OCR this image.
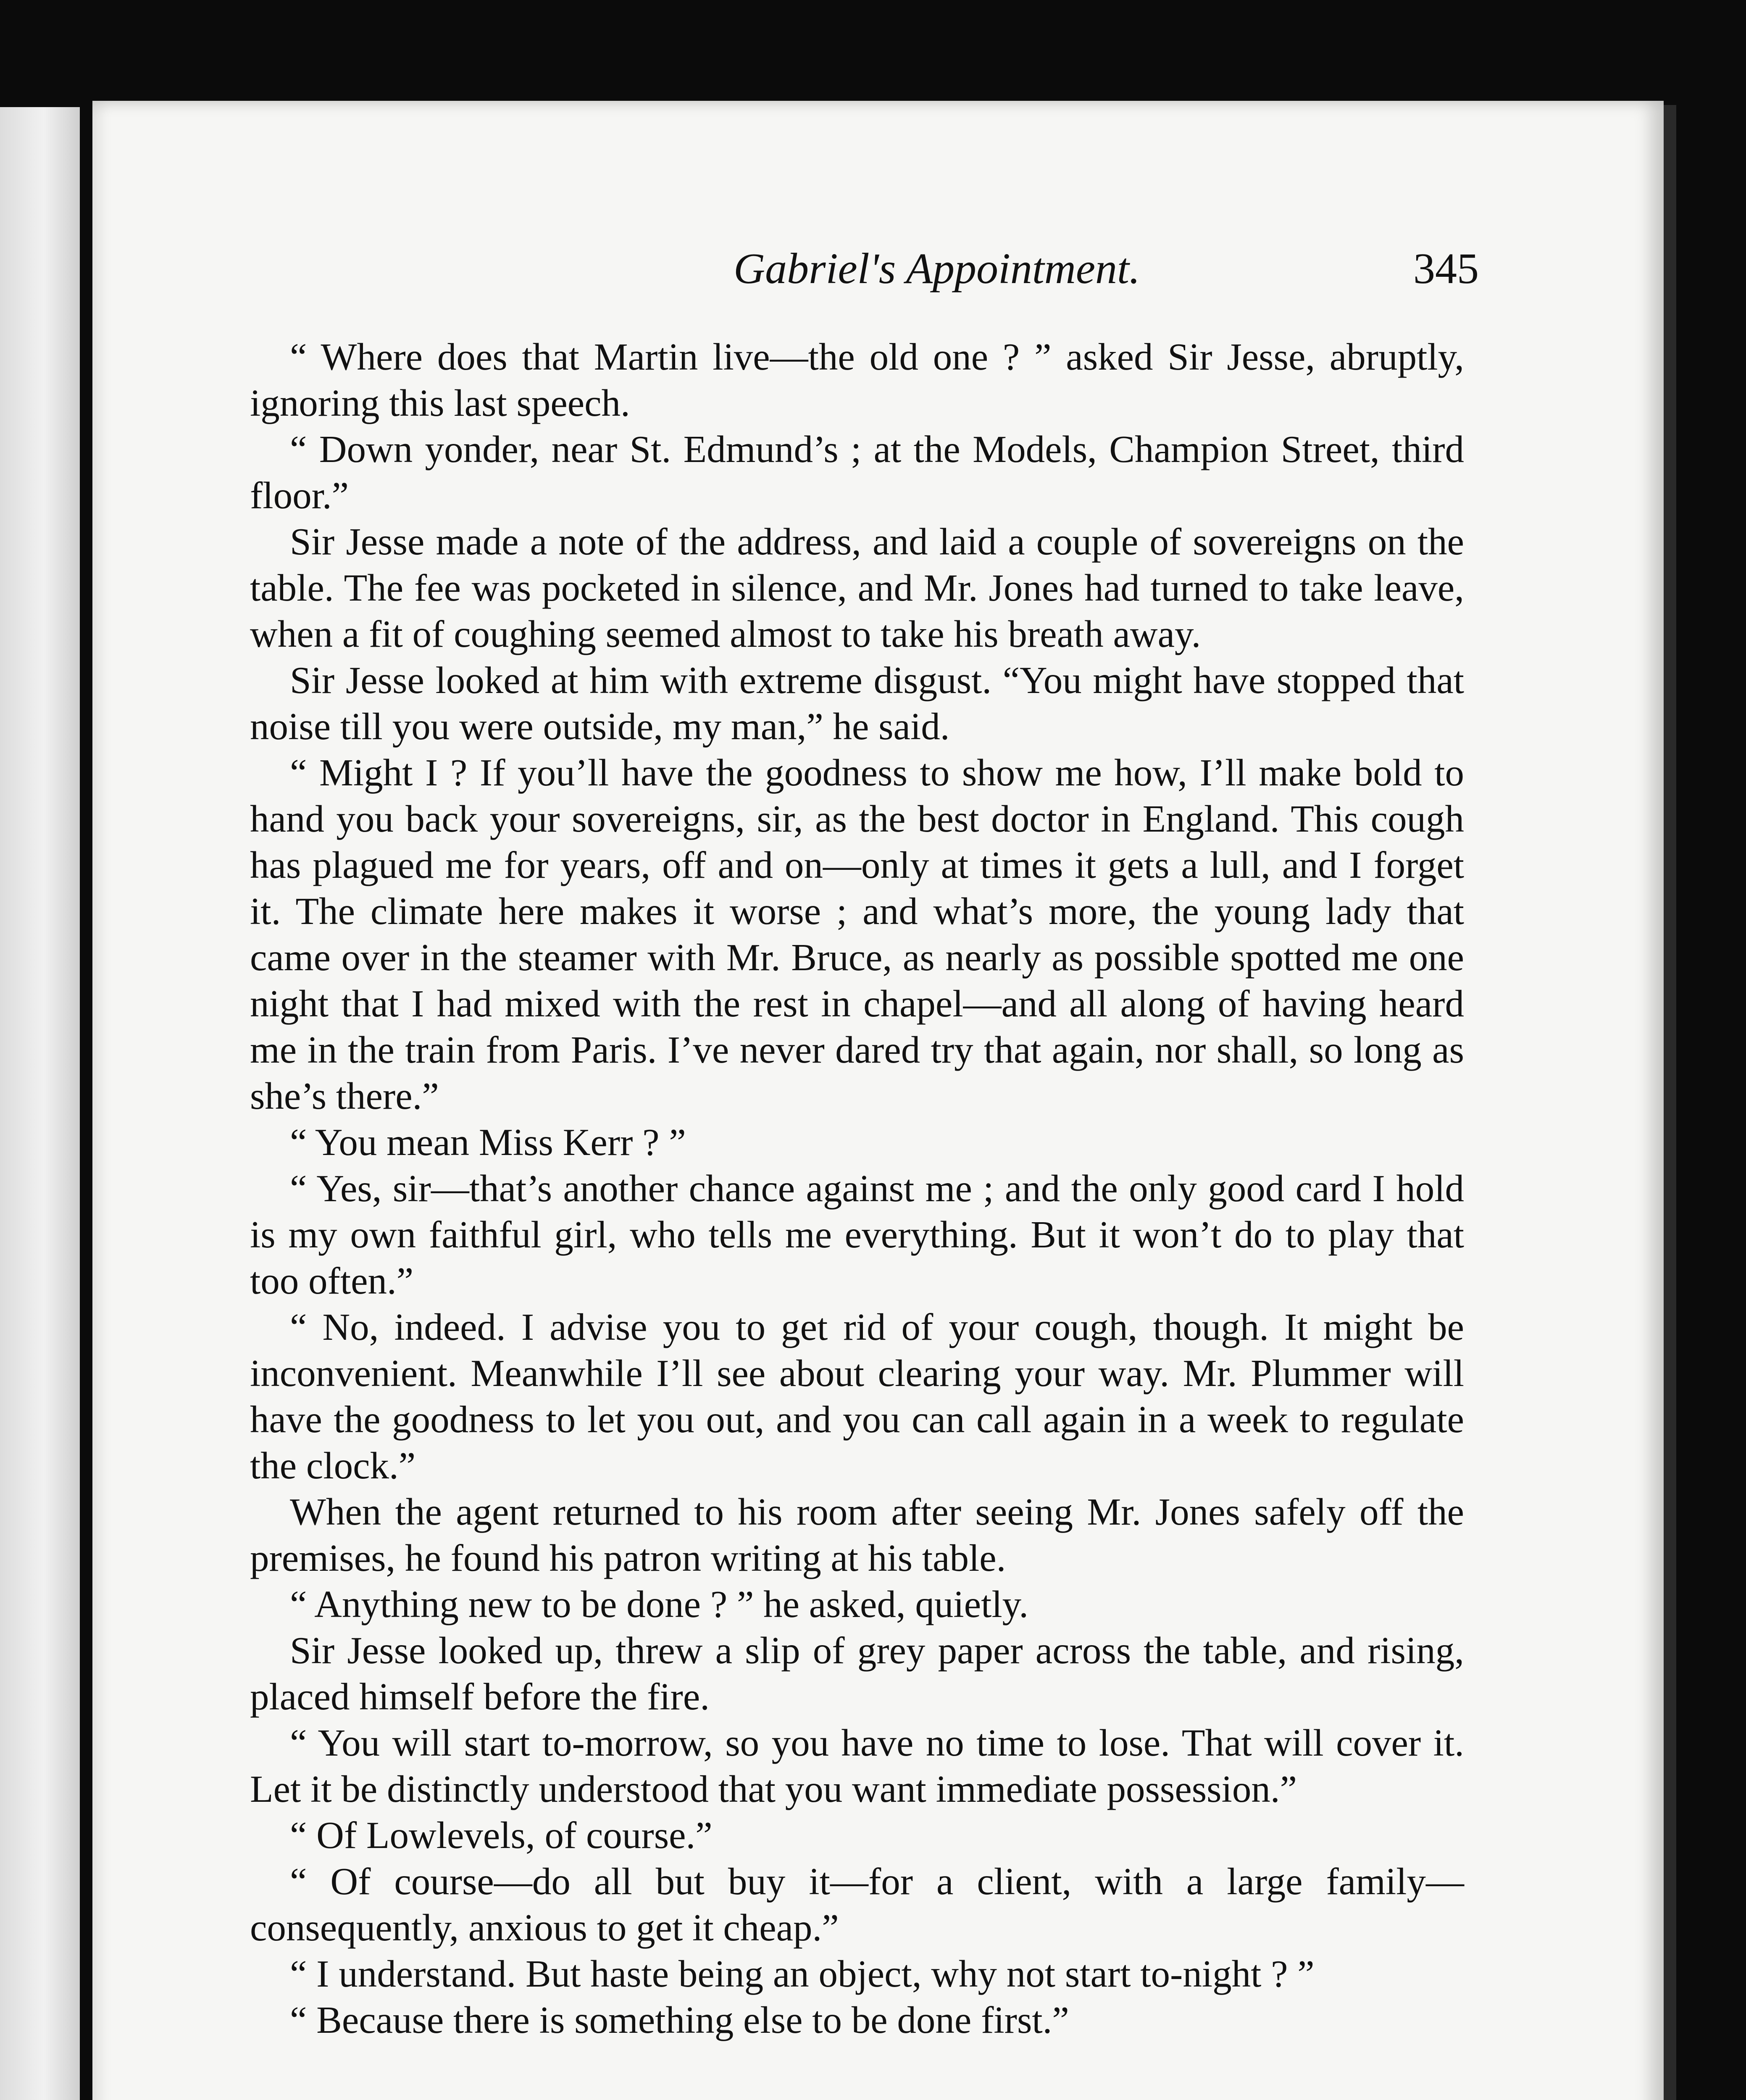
Gabriel's Appointment.	345

“ Where does that Martin live—the old one ? ” asked Sir Jesse, abruptly, ignoring this last speech.

“ Down yonder, near St. Edmund’s ; at the Models, Champion Street, third floor.”

Sir Jesse made a note of the address, and laid a couple of sovereigns on the table. The fee was pocketed in silence, and Mr. Jones had turned to take leave, when a fit of coughing seemed almost to take his breath away.

Sir Jesse looked at him with extreme disgust. “You might have stopped that noise till you were outside, my man,” he said.

“ Might I ? If you’ll have the goodness to show me how, I’ll make bold to hand you back your sovereigns, sir, as the best doctor in England. This cough has plagued me for years, off and on—only at times it gets a lull, and I forget it. The climate here makes it worse ; and what’s more, the young lady that came over in the steamer with Mr. Bruce, as nearly as possible spotted me one night that I had mixed with the rest in chapel—and all along of having heard me in the train from Paris. I’ve never dared try that again, nor shall, so long as she’s there.”

“ You mean Miss Kerr ? ”

“ Yes, sir—that’s another chance against me ; and the only good card I hold is my own faithful girl, who tells me everything. But it won’t do to play that too often.”

“ No, indeed. I advise you to get rid of your cough, though. It might be inconvenient. Meanwhile I’ll see about clearing your way. Mr. Plummer will have the goodness to let you out, and you can call again in a week to regulate the clock.”

When the agent returned to his room after seeing Mr. Jones safely off the premises, he found his patron writing at his table.

“ Anything new to be done ? ” he asked, quietly.

Sir Jesse looked up, threw a slip of grey paper across the table, and rising, placed himself before the fire.

“ You will start to-morrow, so you have no time to lose. That will cover it. Let it be distinctly understood that you want immediate possession.”

“ Of Lowlevels, of course.”

“ Of course—do all but buy it—for a client, with a large family—consequently, anxious to get it cheap.”

“ I understand. But haste being an object, why not start to-night ? ”

“ Because there is something else to be done first.”
